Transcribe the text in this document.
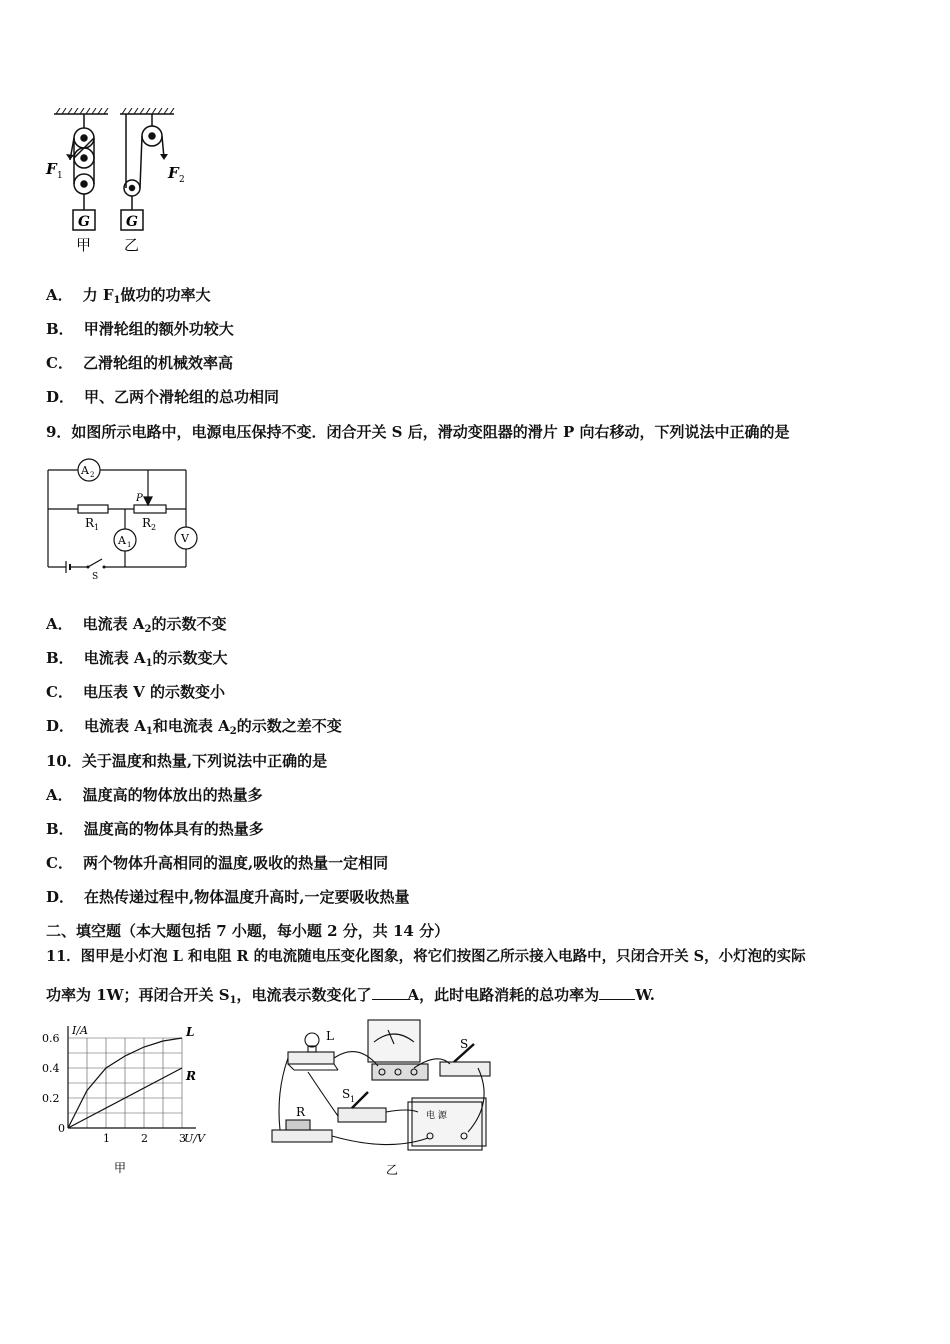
F 1	F 2
G	G
甲 乙
A． 力 $F_1$做功的功率大
B． 甲滑轮组的额外功较大
C． 乙滑轮组的机械效率高
D． 甲、乙两个滑轮组的总功相同
9．如图所示电路中，电源电压保持不变．闭合开关 S 后，滑动变阻器的滑片 P 向右移动，下列说法中正确的是
A 2
A 1
R 1	R 2
P
V
S
A． 电流表 $A_2$的示数不变
B． 电流表 $A_1$的示数变大
C． 电压表 V 的示数变小
D． 电流表 $A_1$和电流表 $A_2$的示数之差不变
10．关于温度和热量,下列说法中正确的是
A． 温度高的物体放出的热量多
B． 温度高的物体具有的热量多
C． 两个物体升高相同的温度,吸收的热量一定相同
D． 在热传递过程中,物体温度升高时,一定要吸收热量
二、填空题（本大题包括 7 小题，每小题 2 分，共 14 分）
11．图甲是小灯泡 L 和电阻 R 的电流随电压变化图象，将它们按图乙所示接入电路中，只闭合开关 S，小灯泡的实际
功率为 1W；再闭合开关 $S_1$，电流表示数变化了 A，此时电路消耗的总功率为 W.
L
R
1	2	3
0.2
0.4
0.6
0
U/V
I/A
甲
L
S
S 1
R	电 源
乙
